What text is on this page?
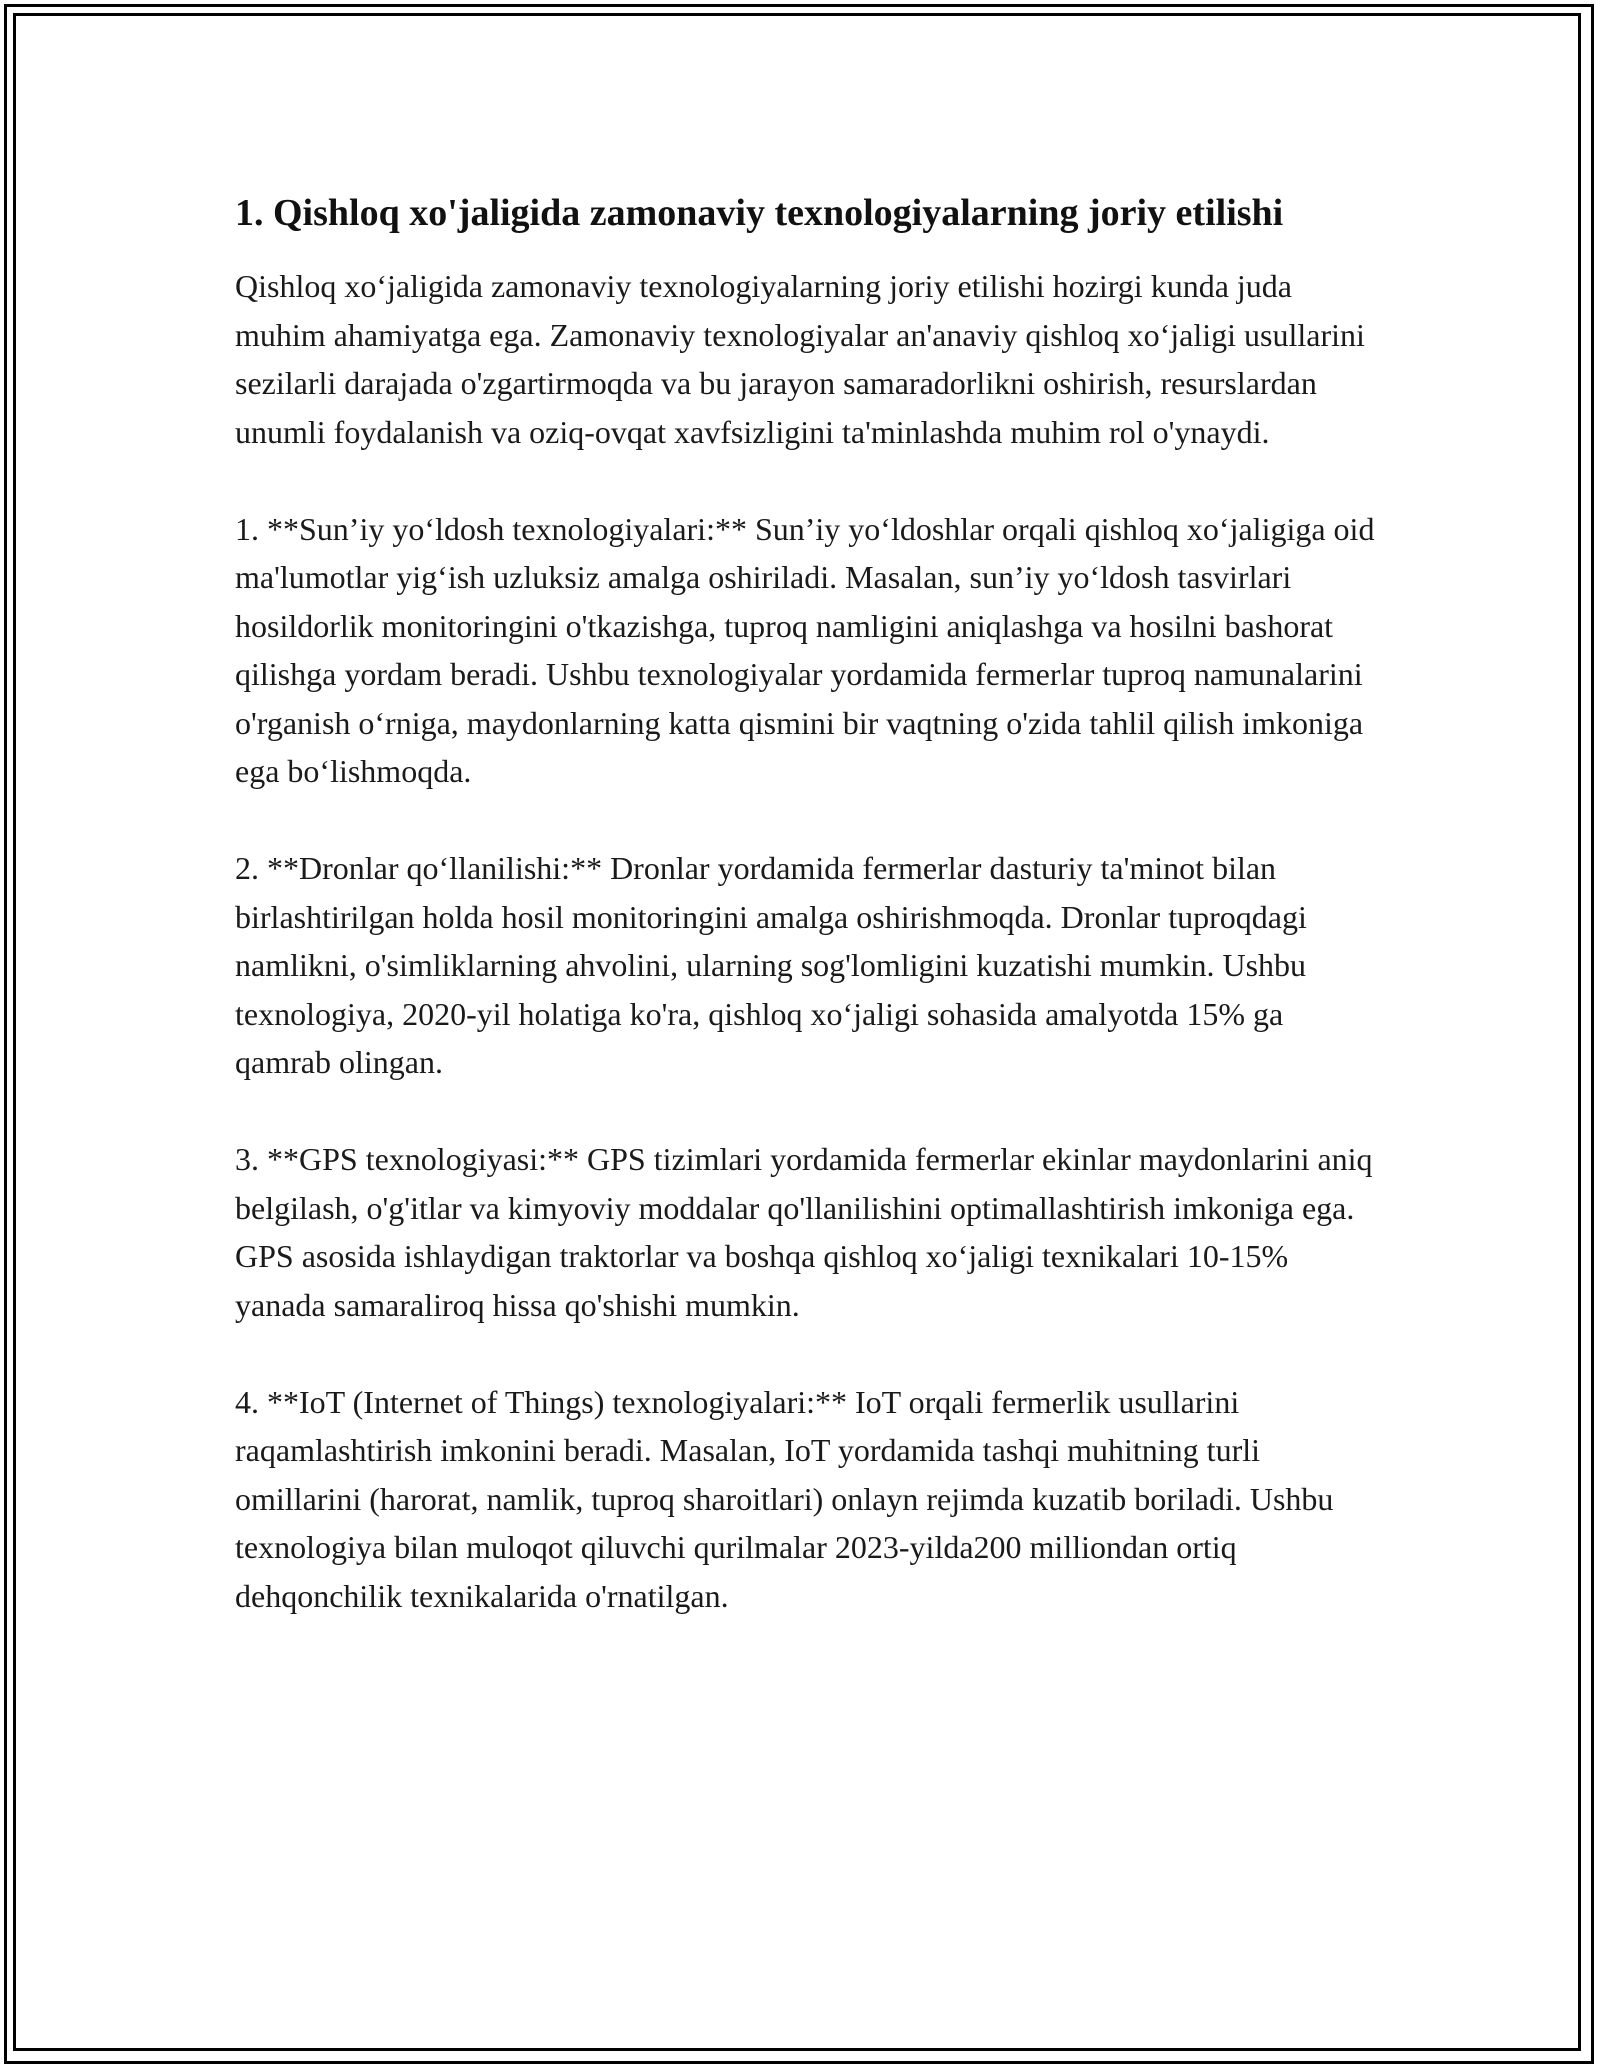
1. Qishloq xo'jaligida zamonaviy texnologiyalarning joriy etilishi

Qishloq xo‘jaligida zamonaviy texnologiyalarning joriy etilishi hozirgi kunda juda muhim ahamiyatga ega. Zamonaviy texnologiyalar an'anaviy qishloq xo‘jaligi usullarini sezilarli darajada o'zgartirmoqda va bu jarayon samaradorlikni oshirish, resurslardan unumli foydalanish va oziq-ovqat xavfsizligini ta'minlashda muhim rol o'ynaydi.

1. **Sun’iy yo‘ldosh texnologiyalari:** Sun’iy yo‘ldoshlar orqali qishloq xo‘jaligiga oid ma'lumotlar yig‘ish uzluksiz amalga oshiriladi. Masalan, sun’iy yo‘ldosh tasvirlari hosildorlik monitoringini o'tkazishga, tuproq namligini aniqlashga va hosilni bashorat qilishga yordam beradi. Ushbu texnologiyalar yordamida fermerlar tuproq namunalarini o'rganish o‘rniga, maydonlarning katta qismini bir vaqtning o'zida tahlil qilish imkoniga ega bo‘lishmoqda.

2. **Dronlar qo‘llanilishi:** Dronlar yordamida fermerlar dasturiy ta'minot bilan birlashtirilgan holda hosil monitoringini amalga oshirishmoqda. Dronlar tuproqdagi namlikni, o'simliklarning ahvolini, ularning sog'lomligini kuzatishi mumkin. Ushbu texnologiya, 2020-yil holatiga ko'ra, qishloq xo‘jaligi sohasida amalyotda 15% ga qamrab olingan.

3. **GPS texnologiyasi:** GPS tizimlari yordamida fermerlar ekinlar maydonlarini aniq belgilash, o'g'itlar va kimyoviy moddalar qo'llanilishini optimallashtirish imkoniga ega. GPS asosida ishlaydigan traktorlar va boshqa qishloq xo‘jaligi texnikalari 10-15% yanada samaraliroq hissa qo'shishi mumkin.

4. **IoT (Internet of Things) texnologiyalari:** IoT orqali fermerlik usullarini raqamlashtirish imkonini beradi. Masalan, IoT yordamida tashqi muhitning turli omillarini (harorat, namlik, tuproq sharoitlari) onlayn rejimda kuzatib boriladi. Ushbu texnologiya bilan muloqot qiluvchi qurilmalar 2023-yilda200 milliondan ortiq dehqonchilik texnikalarida o'rnatilgan.
